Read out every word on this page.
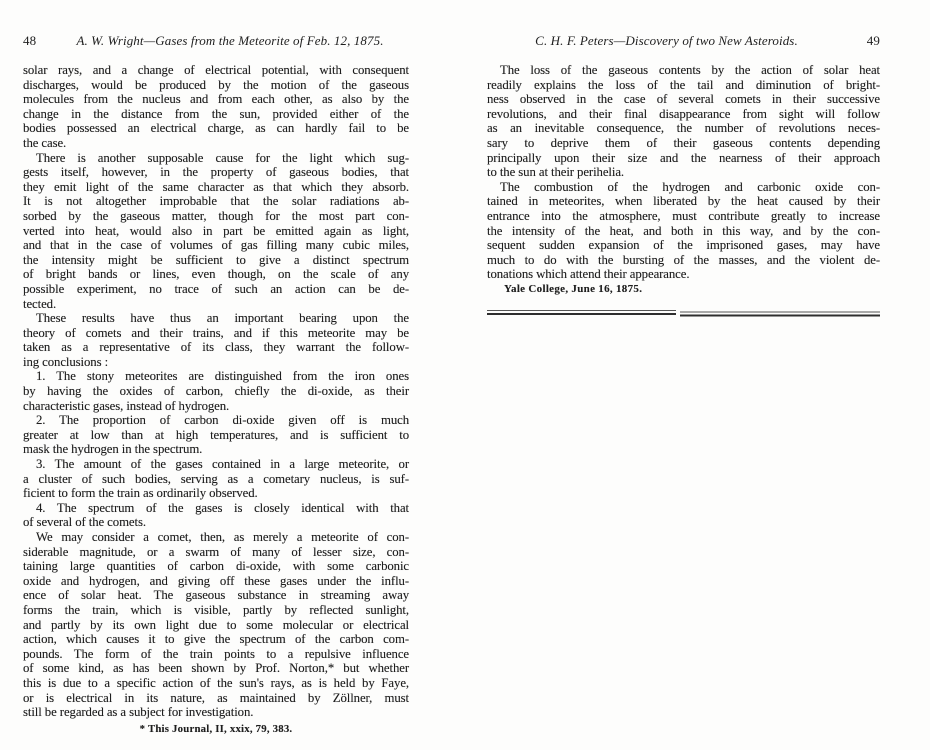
48	A. W. Wright—Gases from the Meteorite of Feb. 12, 1875.
solar rays, and a change of electrical potential, with consequent
discharges, would be produced by the motion of the gaseous
molecules from the nucleus and from each other, as also by the
change in the distance from the sun, provided either of the
bodies possessed an electrical charge, as can hardly fail to be
the case.
There is another supposable cause for the light which sug-
gests itself, however, in the property of gaseous bodies, that
they emit light of the same character as that which they absorb.
It is not altogether improbable that the solar radiations ab-
sorbed by the gaseous matter, though for the most part con-
verted into heat, would also in part be emitted again as light,
and that in the case of volumes of gas filling many cubic miles,
the intensity might be sufficient to give a distinct spectrum
of bright bands or lines, even though, on the scale of any
possible experiment, no trace of such an action can be de-
tected.
These results have thus an important bearing upon the
theory of comets and their trains, and if this meteorite may be
taken as a representative of its class, they warrant the follow-
ing conclusions :
1. The stony meteorites are distinguished from the iron ones
by having the oxides of carbon, chiefly the di-oxide, as their
characteristic gases, instead of hydrogen.
2. The proportion of carbon di-oxide given off is much
greater at low than at high temperatures, and is sufficient to
mask the hydrogen in the spectrum.
3. The amount of the gases contained in a large meteorite, or
a cluster of such bodies, serving as a cometary nucleus, is suf-
ficient to form the train as ordinarily observed.
4. The spectrum of the gases is closely identical with that
of several of the comets.
We may consider a comet, then, as merely a meteorite of con-
siderable magnitude, or a swarm of many of lesser size, con-
taining large quantities of carbon di-oxide, with some carbonic
oxide and hydrogen, and giving off these gases under the influ-
ence of solar heat. The gaseous substance in streaming away
forms the train, which is visible, partly by reflected sunlight,
and partly by its own light due to some molecular or electrical
action, which causes it to give the spectrum of the carbon com-
pounds. The form of the train points to a repulsive influence
of some kind, as has been shown by Prof. Norton,* but whether
this is due to a specific action of the sun's rays, as is held by Faye,
or is electrical in its nature, as maintained by Zöllner, must
still be regarded as a subject for investigation.
* This Journal, II, xxix, 79, 383.
C. H. F. Peters—Discovery of two New Asteroids.	49
The loss of the gaseous contents by the action of solar heat
readily explains the loss of the tail and diminution of bright-
ness observed in the case of several comets in their successive
revolutions, and their final disappearance from sight will follow
as an inevitable consequence, the number of revolutions neces-
sary to deprive them of their gaseous contents depending
principally upon their size and the nearness of their approach
to the sun at their perihelia.
The combustion of the hydrogen and carbonic oxide con-
tained in meteorites, when liberated by the heat caused by their
entrance into the atmosphere, must contribute greatly to increase
the intensity of the heat, and both in this way, and by the con-
sequent sudden expansion of the imprisoned gases, may have
much to do with the bursting of the masses, and the violent de-
tonations which attend their appearance.
Yale College, June 16, 1875.
